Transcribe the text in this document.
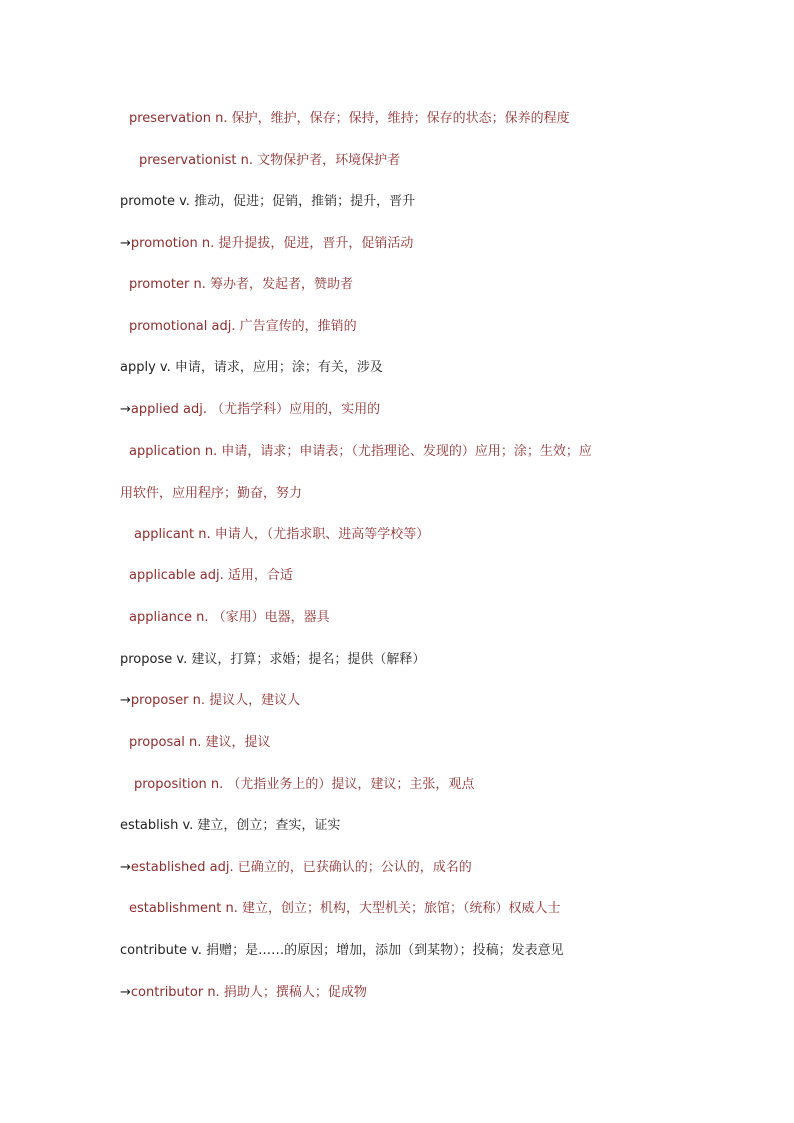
preservation n. 保护，维护，保存；保持，维持；保存的状态；保养的程度
preservationist n. 文物保护者，环境保护者
promote v. 推动，促进；促销，推销；提升，晋升
→promotion n. 提升提拔，促进，晋升，促销活动
promoter n. 筹办者，发起者，赞助者
promotional adj. 广告宣传的，推销的
apply v. 申请，请求，应用；涂；有关，涉及
→applied adj. （尤指学科）应用的，实用的
application n. 申请，请求；申请表；（尤指理论、发现的）应用；涂；生效；应
用软件，应用程序；勤奋，努力
applicant n. 申请人，（尤指求职、进高等学校等）
applicable adj. 适用，合适
appliance n. （家用）电器，器具
propose v. 建议，打算；求婚；提名；提供（解释）
→proposer n. 提议人，建议人
proposal n. 建议，提议
proposition n. （尤指业务上的）提议，建议；主张，观点
establish v. 建立，创立；查实，证实
→established adj. 已确立的，已获确认的；公认的，成名的
establishment n. 建立，创立；机构，大型机关；旅馆；（统称）权威人士
contribute v. 捐赠；是……的原因；增加，添加（到某物）；投稿；发表意见
→contributor n. 捐助人；撰稿人；促成物
